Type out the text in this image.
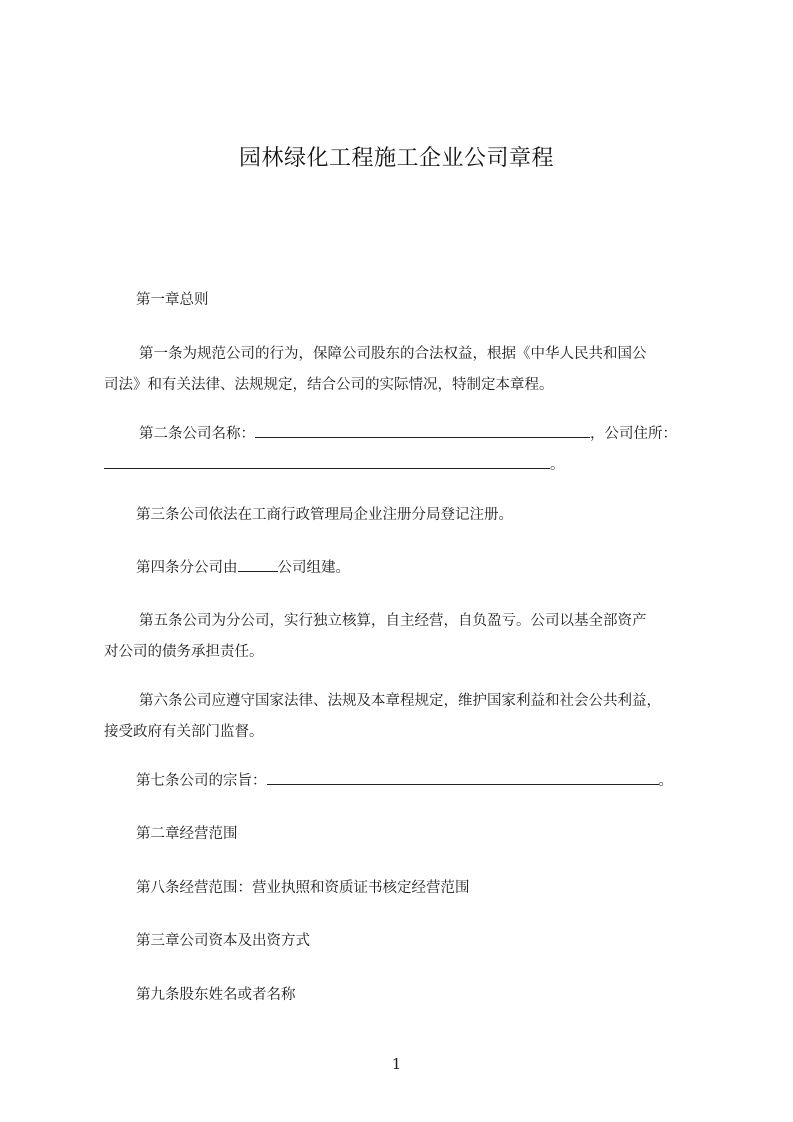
园林绿化工程施工企业公司章程
第一章总则
第一条为规范公司的行为，保障公司股东的合法权益，根据《中华人民共和国公
司法》和有关法律、法规规定，结合公司的实际情况，特制定本章程。
第二条公司名称：	，公司住所：
。
第三条公司依法在工商行政管理局企业注册分局登记注册。
第四条分公司由	公司组建。
第五条公司为分公司，实行独立核算，自主经营，自负盈亏。公司以基全部资产
对公司的债务承担责任。
第六条公司应遵守国家法律、法规及本章程规定，维护国家利益和社会公共利益，
接受政府有关部门监督。
第七条公司的宗旨：	。
第二章经营范围
第八条经营范围：营业执照和资质证书核定经营范围
第三章公司资本及出资方式
第九条股东姓名或者名称
1
